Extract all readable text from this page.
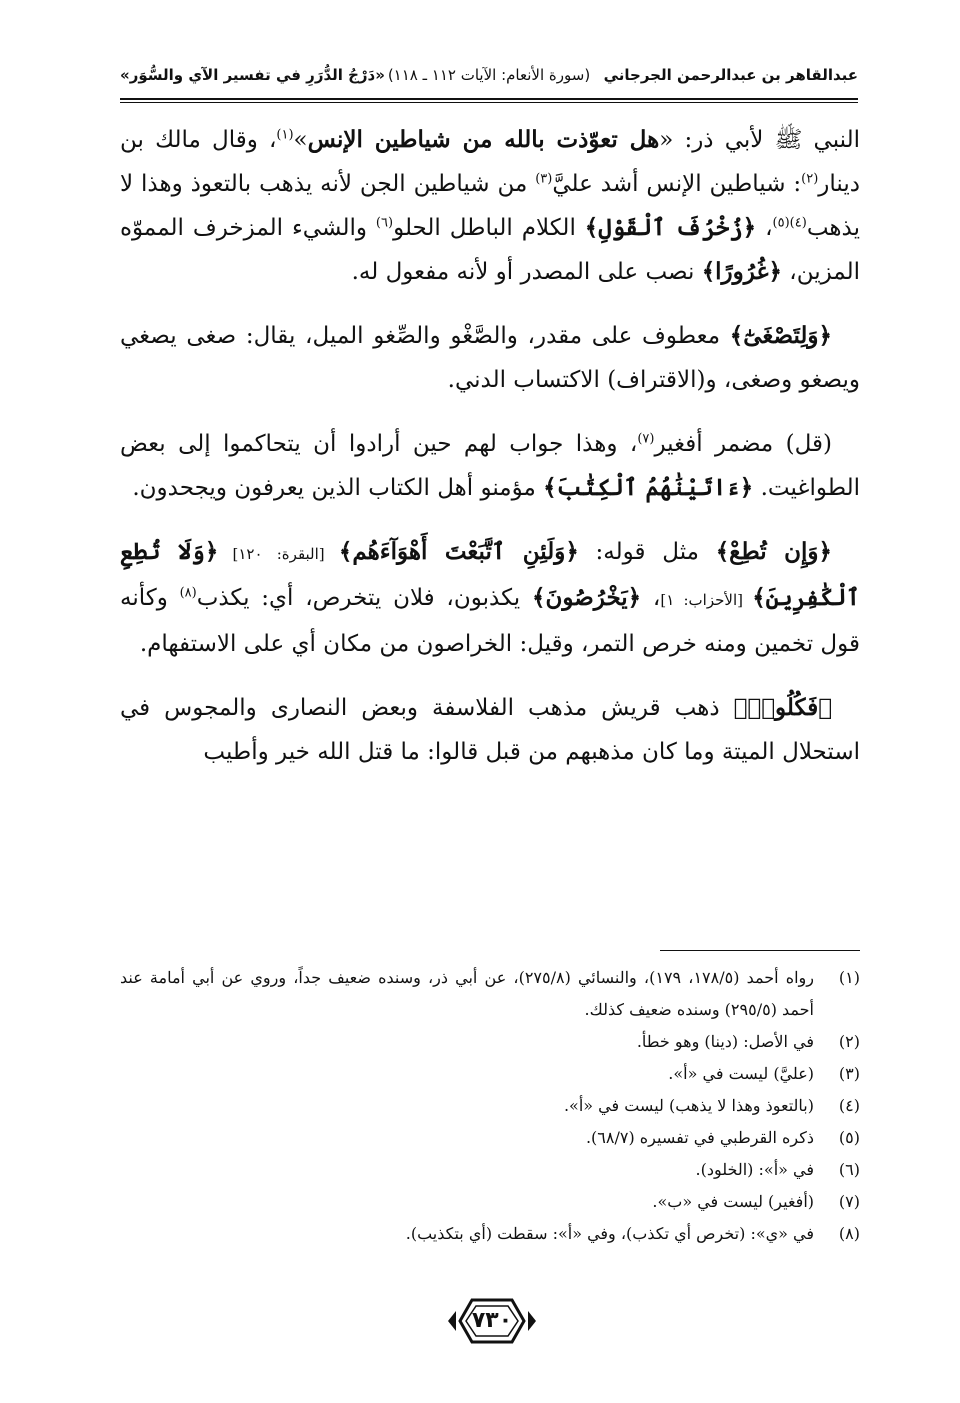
عبدالقاهر بن عبدالرحمن الجرجاني
(سورة الأنعام: الآيات ١١٢ ـ ١١٨)
«دَرْجُ الدُّرَرِ في تفسير الآي والسُّوَر»

النبي ﷺ لأبي ذر: «هل تعوّذت بالله من شياطين الإنس»$^{(١)}$، وقال مالك بن دينار$^{(٢)}$: شياطين الإنس أشد عليَّ$^{(٣)}$ من شياطين الجن لأنه يذهب بالتعوذ وهذا لا يذهب$^{(٤)(٥)}$، ﴿زُخْرُفَ ٱلْقَوْلِ﴾ الكلام الباطل الحلو$^{(٦)}$ والشيء المزخرف المموّه المزين، ﴿غُرُورًا﴾ نصب على المصدر أو لأنه مفعول له.

﴿وَلِتَصْغَىٰٓ﴾ معطوف على مقدر، والصَّغْو والصِّغو الميل، يقال: صغى يصغي ويصغو وصغى، و(الاقتراف) الاكتساب الدني.

(قل) مضمر أفغير$^{(٧)}$، وهذا جواب لهم حين أرادوا أن يتحاكموا إلى بعض الطواغيت. ﴿ءَاتَيْنَٰهُمُ ٱلْكِتَٰبَ﴾ مؤمنو أهل الكتاب الذين يعرفون ويجحدون.

﴿وَإِن تُطِعْ﴾ مثل قوله: ﴿وَلَئِنِ ٱتَّبَعْتَ أَهْوَآءَهُم﴾ [البقرة: ١٢٠] ﴿وَلَا تُطِعِ ٱلْكَٰفِرِينَ﴾ [الأحزاب: ١]، ﴿يَخْرُصُونَ﴾ يكذبون، فلان يتخرص، أي: يكذب$^{(٨)}$ وكأنه قول تخمين ومنه خرص التمر، وقيل: الخراصون من مكان أي على الاستفهام.

﴿فَكُلُوا۟﴾ ذهب قريش مذهب الفلاسفة وبعض النصارى والمجوس في استحلال الميتة وما كان مذهبهم من قبل قالوا: ما قتل الله خير وأطيب

(١)
رواه أحمد (١٧٨/٥، ١٧٩)، والنسائي (٢٧٥/٨)، عن أبي ذر، وسنده ضعيف جداً، وروي عن أبي أمامة عند أحمد (٢٩٥/٥) وسنده ضعيف كذلك.
(٢)
في الأصل: (دينا) وهو خطأ.
(٣)
(عليَّ) ليست في «أ».
(٤)
(بالتعوذ وهذا لا يذهب) ليست في «أ».
(٥)
ذكره القرطبي في تفسيره (٦٨/٧).
(٦)
في «أ»: (الخلود).
(٧)
(أفغير) ليست في «ب».
(٨)
في «ي»: (تخرص أي تكذب)، وفي «أ»: سقطت (أي بتكذيب).
٧٣٠
